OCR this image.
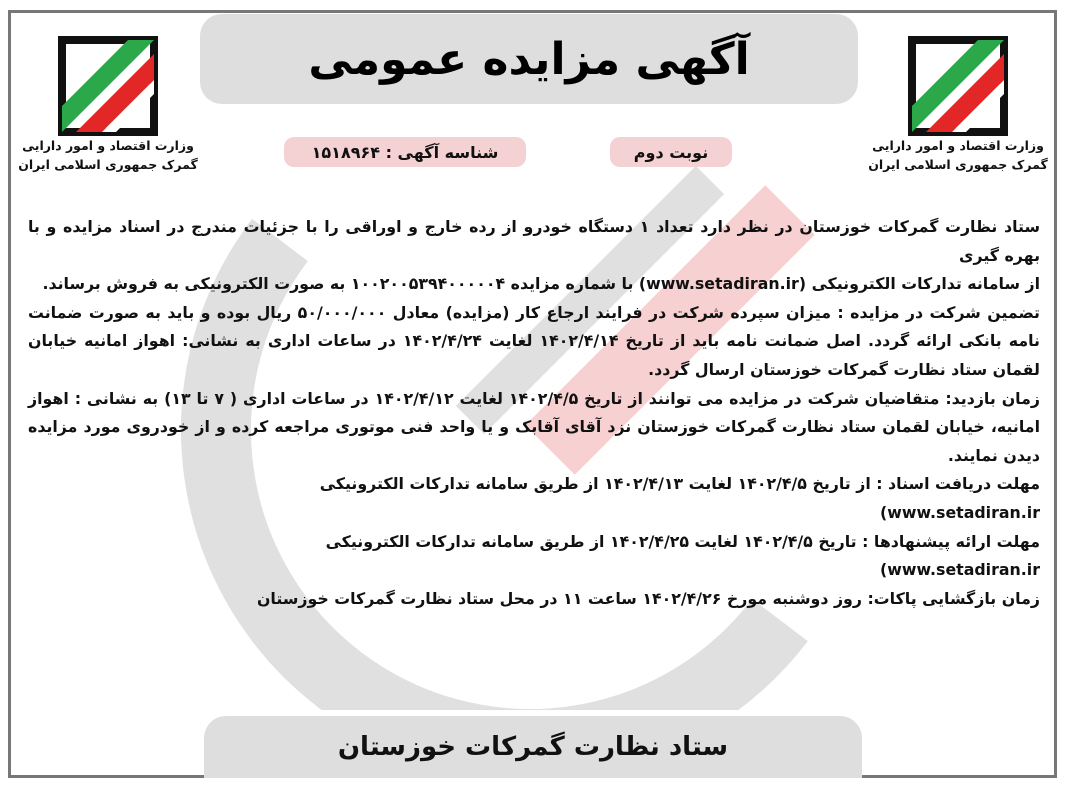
آگهی مزایده عمومی
وزارت اقتصاد و امور دارایی
گمرک جمهوری اسلامی ایران
وزارت اقتصاد و امور دارایی
گمرک جمهوری اسلامی ایران
نوبت دوم
شناسه آگهی : ۱۵۱۸۹۶۴

ستاد نظارت گمرکات خوزستان در نظر دارد تعداد ۱ دستگاه خودرو از رده خارج و اوراقی را با جزئیات مندرج در اسناد مزایده و با بهره گیری
از سامانه تدارکات الکترونیکی (www.setadiran.ir) با شماره مزایده ۱۰۰۲۰۰۵۳۹۴۰۰۰۰۰۴ به صورت الکترونیکی به فروش برساند.

تضمین شرکت در مزایده : میزان سپرده شرکت در فرایند ارجاع کار (مزایده) معادل ۵۰/۰۰۰/۰۰۰ ریال بوده و باید به صورت ضمانت نامه بانکی ارائه گردد. اصل ضمانت نامه باید از تاریخ ۱۴۰۲/۴/۱۴ لغایت ۱۴۰۲/۴/۲۴ در ساعات اداری به نشانی: اهواز امانیه خیابان لقمان ستاد نظارت گمرکات خوزستان ارسال گردد.

زمان بازدید: متقاضیان شرکت در مزایده می توانند از تاریخ ۱۴۰۲/۴/۵ لغایت ۱۴۰۲/۴/۱۲ در ساعات اداری ( ۷ تا ۱۳) به نشانی : اهواز امانیه، خیابان لقمان ستاد نظارت گمرکات خوزستان نزد آقای آقابک و یا واحد فنی موتوری مراجعه کرده و از خودروی مورد مزایده دیدن نمایند.

مهلت دریافت اسناد : از تاریخ ۱۴۰۲/۴/۵ لغایت ۱۴۰۲/۴/۱۳ از طریق سامانه تدارکات الکترونیکی

(www.setadiran.ir

مهلت ارائه پیشنهادها : تاریخ ۱۴۰۲/۴/۵ لغایت ۱۴۰۲/۴/۲۵ از طریق سامانه تدارکات الکترونیکی

(www.setadiran.ir

زمان بازگشایی پاکات: روز دوشنبه مورخ ۱۴۰۲/۴/۲۶ ساعت ۱۱ در محل ستاد نظارت گمرکات خوزستان

ستاد نظارت گمرکات خوزستان
